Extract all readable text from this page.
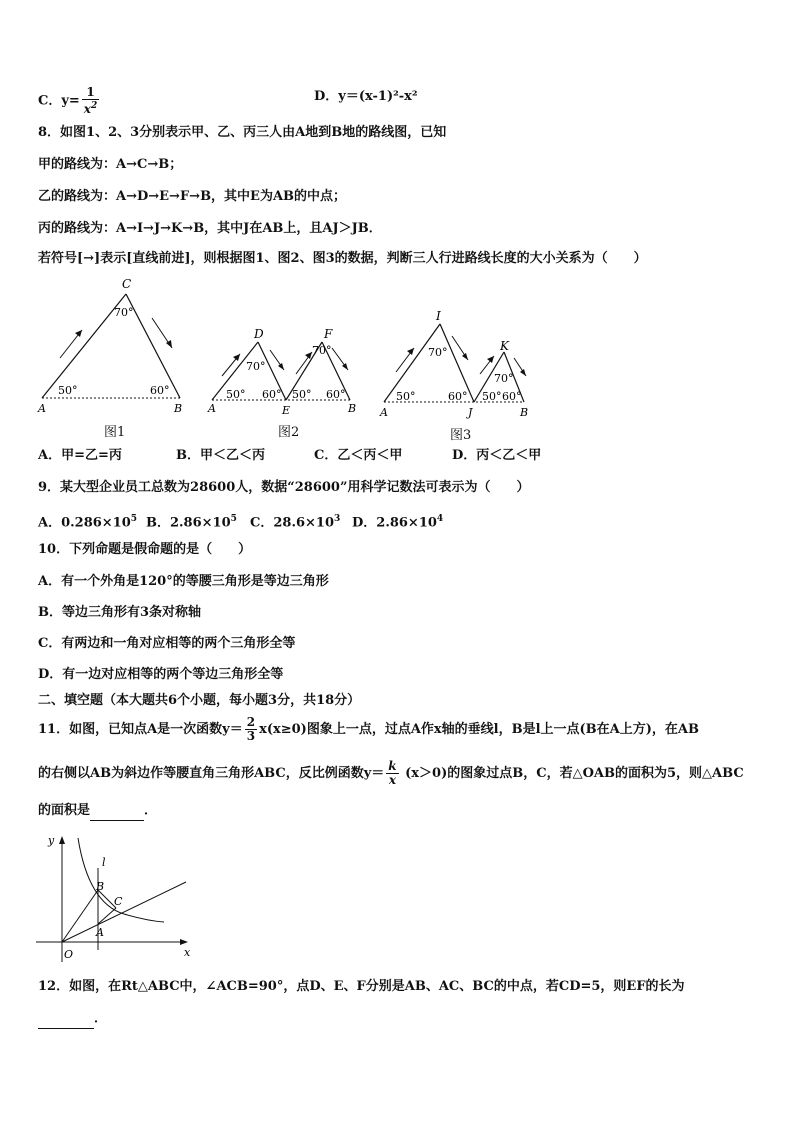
C．$y= \frac{1}{x^2}$	D．y＝(x-1)²-x²
8．如图1、2、3分别表示甲、乙、丙三人由A地到B地的路线图，已知
甲的路线为：A→C→B；
乙的路线为：A→D→E→F→B，其中E为AB的中点；
丙的路线为：A→I→J→K→B，其中J在AB上，且AJ＞JB．
若符号[→]表示[直线前进]，则根据图1、图2、图3的数据，判断三人行进路线长度的大小关系为（　　）
C
70°
50°	60°
A	B
图1
D	F
70°
70°
50° 60° 50° 60°
A	E	B
图2
I
K
70°
70°
50°	60° 50° 60°
A	J	B
图3
A．甲=乙=丙	B．甲＜乙＜丙	C．乙＜丙＜甲	D．丙＜乙＜甲
9．某大型企业员工总数为28600人，数据“28600”用科学记数法可表示为（　　）
A．$0.286\times 10^5$ B．$2.86\times 10^5$ C．$28.6\times 10^3$ D．$2.86\times 10^4$
10．下列命题是假命题的是（　　）
A．有一个外角是120°的等腰三角形是等边三角形
B．等边三角形有3条对称轴
C．有两边和一角对应相等的两个三角形全等
D．有一边对应相等的两个等边三角形全等
二、填空题（本大题共6个小题，每小题3分，共18分）
11．如图，已知点A是一次函数$y= \frac{2}{3} x(x\ge 0)$图象上一点，过点A作x轴的垂线l，B是l上一点(B在A上方)，在AB
的右侧以AB为斜边作等腰直角三角形ABC，反比例函数$y= \frac{k}{x} (x>0)$的图象过点B，C，若△OAB的面积为5，则△ABC
的面积是	．
y
x
O
l
B
C
A
12．如图，在Rt△ABC中，∠ACB=90°，点D、E、F分别是AB、AC、BC的中点，若CD=5，则EF的长为
．
